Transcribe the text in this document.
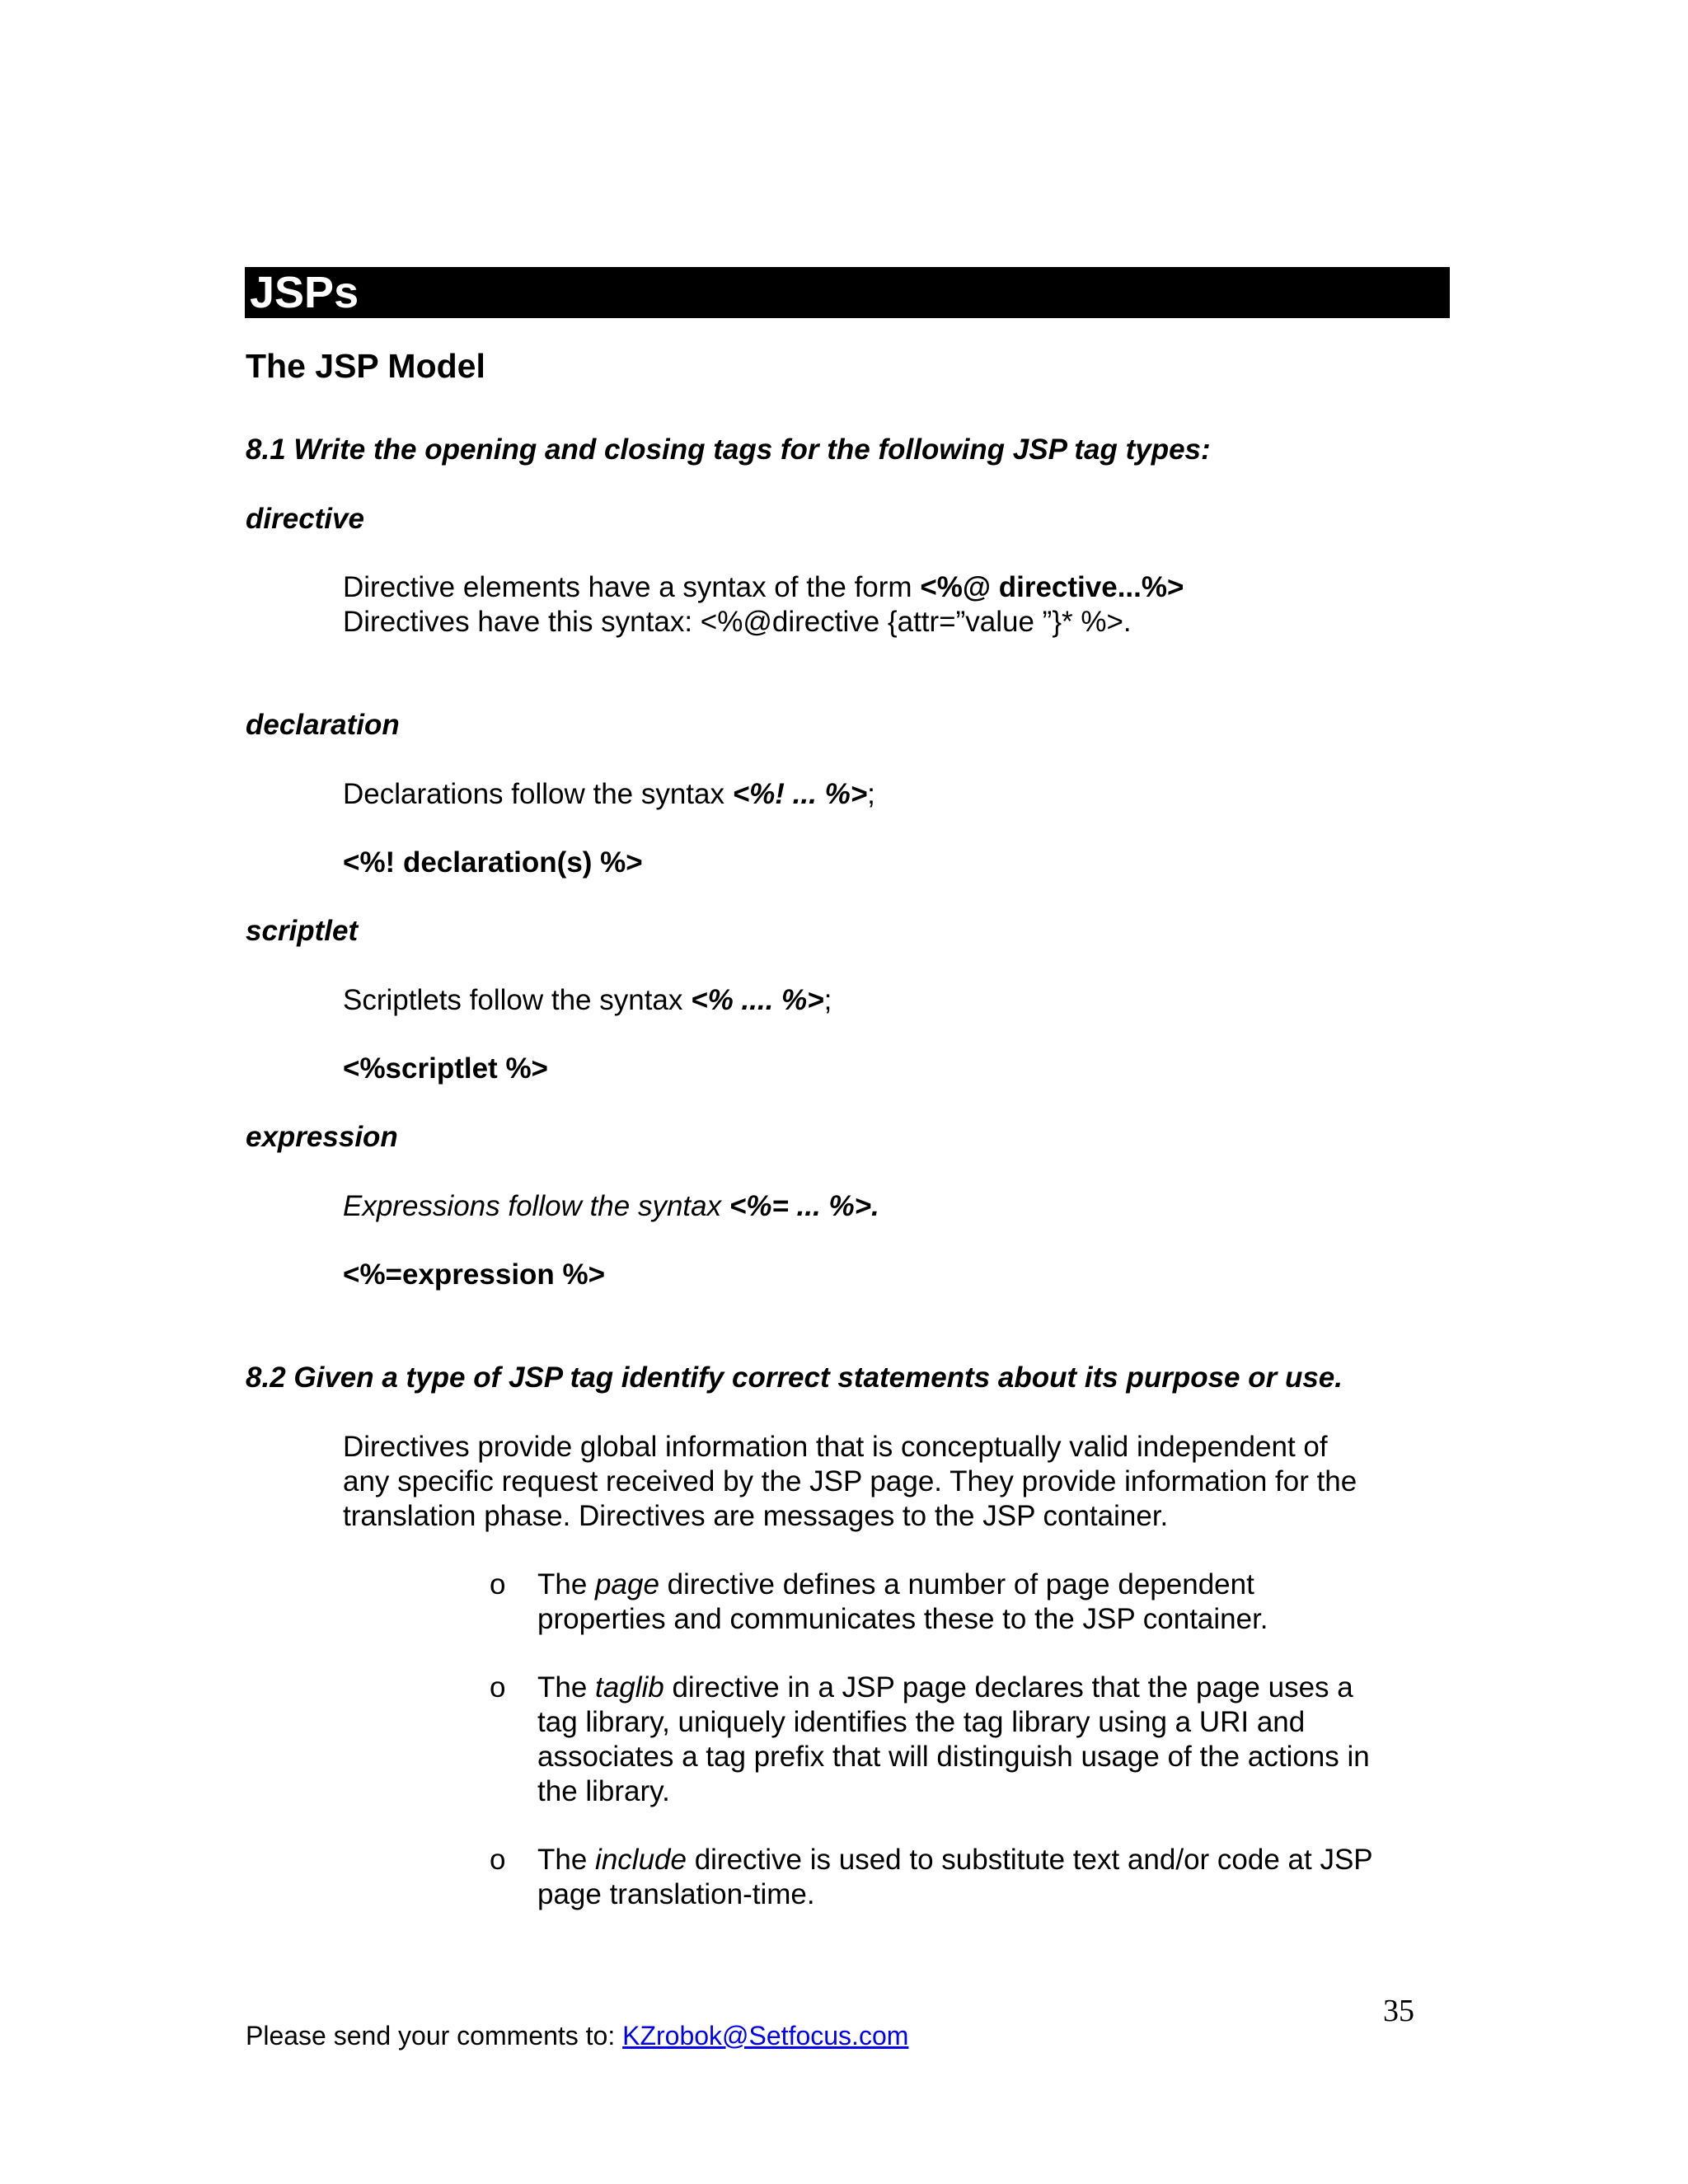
JSPs
The JSP Model
8.1 Write the opening and closing tags for the following JSP tag types:
directive
Directive elements have a syntax of the form <%@ directive...%>
Directives have this syntax: <%@directive {attr=”value ”}* %>.
declaration
Declarations follow the syntax <%! ... %>;
<%! declaration(s) %>
scriptlet
Scriptlets follow the syntax <% .... %>;
<%scriptlet %>
expression
Expressions follow the syntax <%= ... %>.
<%=expression %>
8.2 Given a type of JSP tag identify correct statements about its purpose or use.
Directives provide global information that is conceptually valid independent of
any specific request received by the JSP page. They provide information for the
translation phase. Directives are messages to the JSP container.
o The page directive defines a number of page dependent
properties and communicates these to the JSP container.
o The taglib directive in a JSP page declares that the page uses a
tag library, uniquely identifies the tag library using a URI and
associates a tag prefix that will distinguish usage of the actions in
the library.
o The include directive is used to substitute text and/or code at JSP
page translation-time.
35
Please send your comments to: KZrobok@Setfocus.com
